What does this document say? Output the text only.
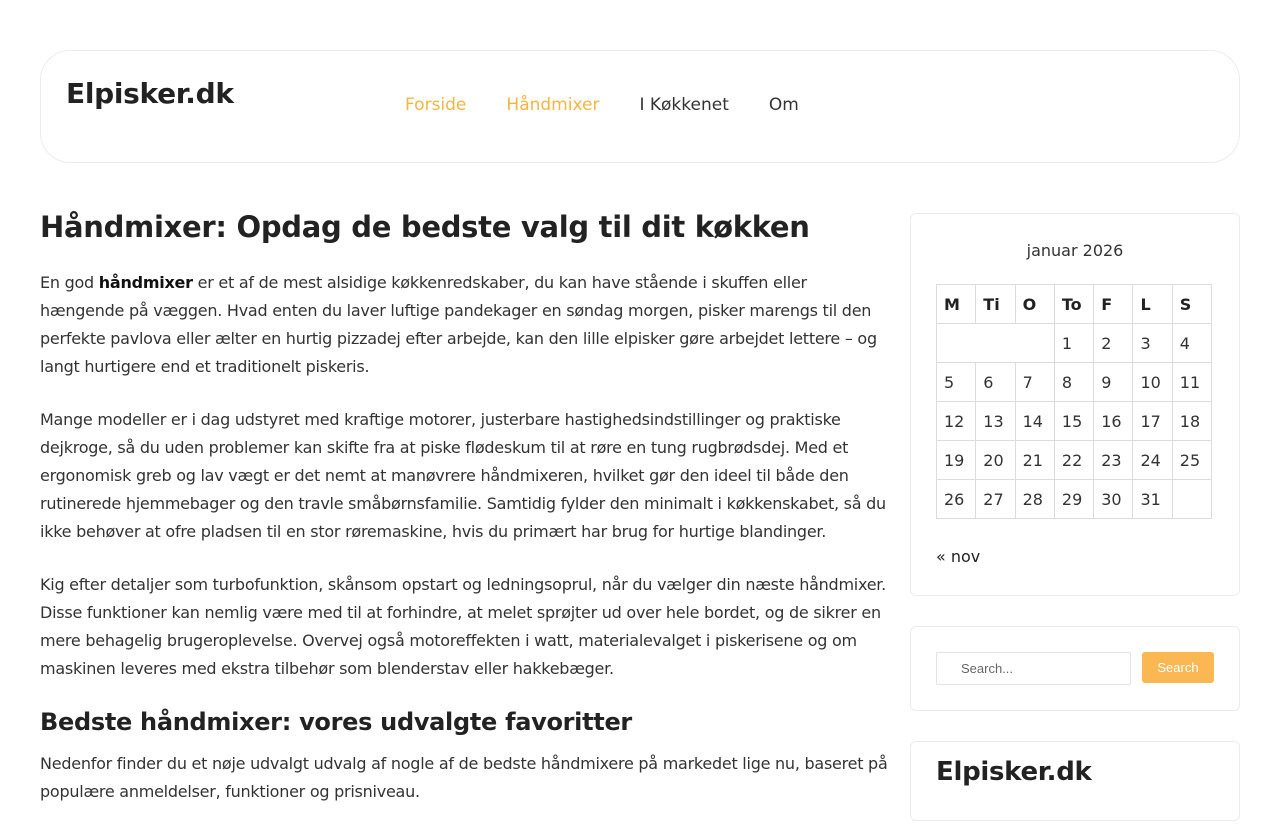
Elpisker.dk	Forside Håndmixer I Køkkenet Om
Håndmixer: Opdag de bedste valg til dit køkken

En god håndmixer er et af de mest alsidige køkkenredskaber, du kan have stående i skuffen eller hængende på væggen. Hvad enten du laver luftige pandekager en søndag morgen, pisker marengs til den perfekte pavlova eller ælter en hurtig pizzadej efter arbejde, kan den lille elpisker gøre arbejdet lettere – og langt hurtigere end et traditionelt piskeris.

Mange modeller er i dag udstyret med kraftige motorer, justerbare hastighedsindstillinger og praktiske dejkroge, så du uden problemer kan skifte fra at piske flødeskum til at røre en tung rugbrødsdej. Med et ergonomisk greb og lav vægt er det nemt at manøvrere håndmixeren, hvilket gør den ideel til både den rutinerede hjemmebager og den travle småbørnsfamilie. Samtidig fylder den minimalt i køkkenskabet, så du ikke behøver at ofre pladsen til en stor røremaskine, hvis du primært har brug for hurtige blandinger.

Kig efter detaljer som turbofunktion, skånsom opstart og ledningsoprul, når du vælger din næste håndmixer. Disse funktioner kan nemlig være med til at forhindre, at melet sprøjter ud over hele bordet, og de sikrer en mere behagelig brugeroplevelse. Overvej også motoreffekten i watt, materialevalget i piskerisene og om maskinen leveres med ekstra tilbehør som blenderstav eller hakkebæger.

Bedste håndmixer: vores udvalgte favoritter

Nedenfor finder du et nøje udvalgt udvalg af nogle af de bedste håndmixere på markedet lige nu, baseret på populære anmeldelser, funktioner og prisniveau.

januar 2026
M	Ti	O	To	F	L	S
			1	2	3	4
5	6	7	8	9	10	11
12	13	14	15	16	17	18
19	20	21	22	23	24	25
26	27	28	29	30	31	
« nov
Search...
Search
Elpisker.dk
